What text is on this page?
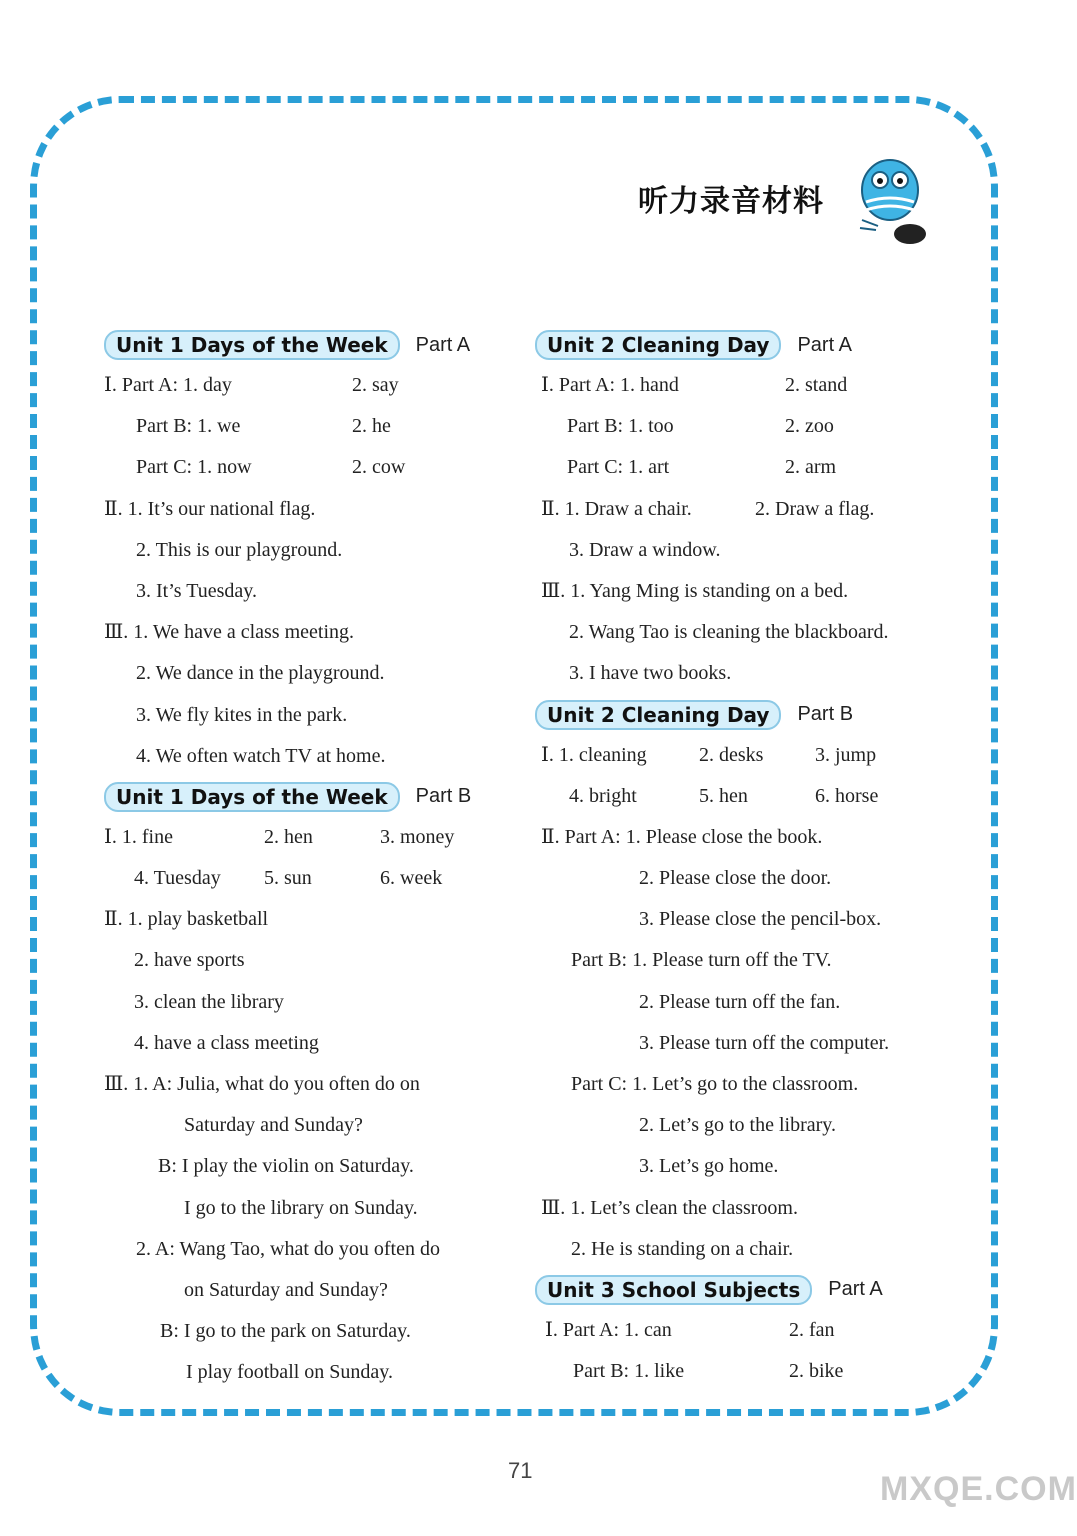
听力录音材料
Unit 1 Days of the Week	Part A
Ⅰ. Part A: 1. day	2. say
Part B: 1. we	2. he
Part C: 1. now	2. cow
Ⅱ. 1. It’s our national flag.
2. This is our playground.
3. It’s Tuesday.
Ⅲ. 1. We have a class meeting.
2. We dance in the playground.
3. We fly kites in the park.
4. We often watch TV at home.
Unit 1 Days of the Week	Part B
Ⅰ. 1. fine	2. hen	3. money
4. Tuesday 5. sun	6. week
Ⅱ. 1. play basketball
2. have sports
3. clean the library
4. have a class meeting
Ⅲ. 1. A: Julia, what do you often do on
Saturday and Sunday?
B: I play the violin on Saturday.
I go to the library on Sunday.
2. A: Wang Tao, what do you often do
on Saturday and Sunday?
B: I go to the park on Saturday.
I play football on Sunday.
Unit 2 Cleaning Day	Part A
Ⅰ. Part A: 1. hand	2. stand
Part B: 1. too	2. zoo
Part C: 1. art	2. arm
Ⅱ. 1. Draw a chair.	2. Draw a flag.
3. Draw a window.
Ⅲ. 1. Yang Ming is standing on a bed.
2. Wang Tao is cleaning the blackboard.
3. I have two books.
Unit 2 Cleaning Day	Part B
Ⅰ. 1. cleaning	2. desks	3. jump
4. bright	5. hen	6. horse
Ⅱ. Part A: 1. Please close the book.
2. Please close the door.
3. Please close the pencil-box.
Part B: 1. Please turn off the TV.
2. Please turn off the fan.
3. Please turn off the computer.
Part C: 1. Let’s go to the classroom.
2. Let’s go to the library.
3. Let’s go home.
Ⅲ. 1. Let’s clean the classroom.
2. He is standing on a chair.
Unit 3 School Subjects	Part A
Ⅰ. Part A: 1. can	2. fan
Part B: 1. like	2. bike
71	MXQE.COM
